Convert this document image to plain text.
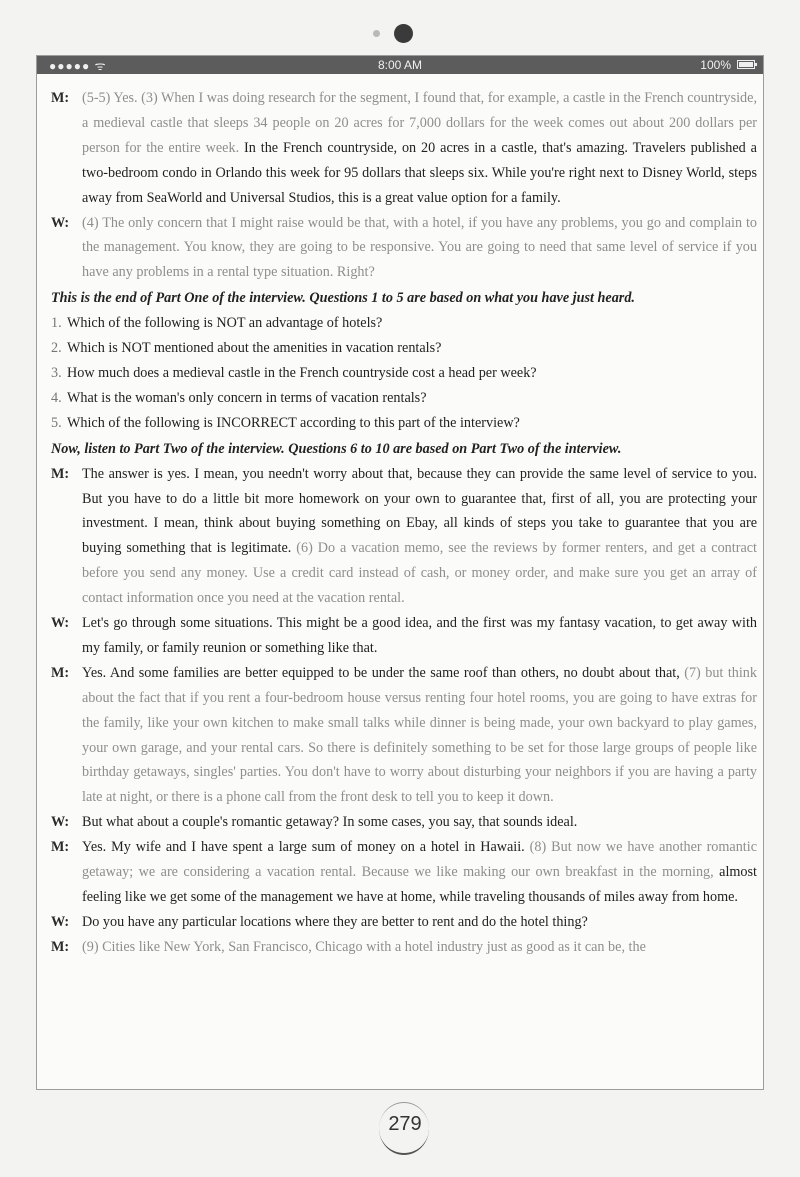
●●●●● ᯤ	8:00 AM	100%
M: (5-5) Yes. (3) When I was doing research for the segment, I found that, for example, a castle in the French countryside, a medieval castle that sleeps 34 people on 20 acres for 7,000 dollars for the week comes out about 200 dollars per person for the entire week. In the French countryside, on 20 acres in a castle, that's amazing. Travelers published a two-bedroom condo in Orlando this week for 95 dollars that sleeps six. While you're right next to Disney World, steps away from SeaWorld and Universal Studios, this is a great value option for a family.
W: (4) The only concern that I might raise would be that, with a hotel, if you have any problems, you go and complain to the management. You know, they are going to be responsive. You are going to need that same level of service if you have any problems in a rental type situation. Right?
This is the end of Part One of the interview. Questions 1 to 5 are based on what you have just heard.
1. Which of the following is NOT an advantage of hotels?
2. Which is NOT mentioned about the amenities in vacation rentals?
3. How much does a medieval castle in the French countryside cost a head per week?
4. What is the woman's only concern in terms of vacation rentals?
5. Which of the following is INCORRECT according to this part of the interview?
Now, listen to Part Two of the interview. Questions 6 to 10 are based on Part Two of the interview.
M: The answer is yes. I mean, you needn't worry about that, because they can provide the same level of service to you. But you have to do a little bit more homework on your own to guarantee that, first of all, you are protecting your investment. I mean, think about buying something on Ebay, all kinds of steps you take to guarantee that you are buying something that is legitimate. (6) Do a vacation memo, see the reviews by former renters, and get a contract before you send any money. Use a credit card instead of cash, or money order, and make sure you get an array of contact information once you need at the vacation rental.
W: Let's go through some situations. This might be a good idea, and the first was my fantasy vacation, to get away with my family, or family reunion or something like that.
M: Yes. And some families are better equipped to be under the same roof than others, no doubt about that, (7) but think about the fact that if you rent a four-bedroom house versus renting four hotel rooms, you are going to have extras for the family, like your own kitchen to make small talks while dinner is being made, your own backyard to play games, your own garage, and your rental cars. So there is definitely something to be set for those large groups of people like birthday getaways, singles' parties. You don't have to worry about disturbing your neighbors if you are having a party late at night, or there is a phone call from the front desk to tell you to keep it down.
W: But what about a couple's romantic getaway? In some cases, you say, that sounds ideal.
M: Yes. My wife and I have spent a large sum of money on a hotel in Hawaii. (8) But now we have another romantic getaway; we are considering a vacation rental. Because we like making our own breakfast in the morning, almost feeling like we get some of the management we have at home, while traveling thousands of miles away from home.
W: Do you have any particular locations where they are better to rent and do the hotel thing?
M: (9) Cities like New York, San Francisco, Chicago with a hotel industry just as good as it can be, the
279
